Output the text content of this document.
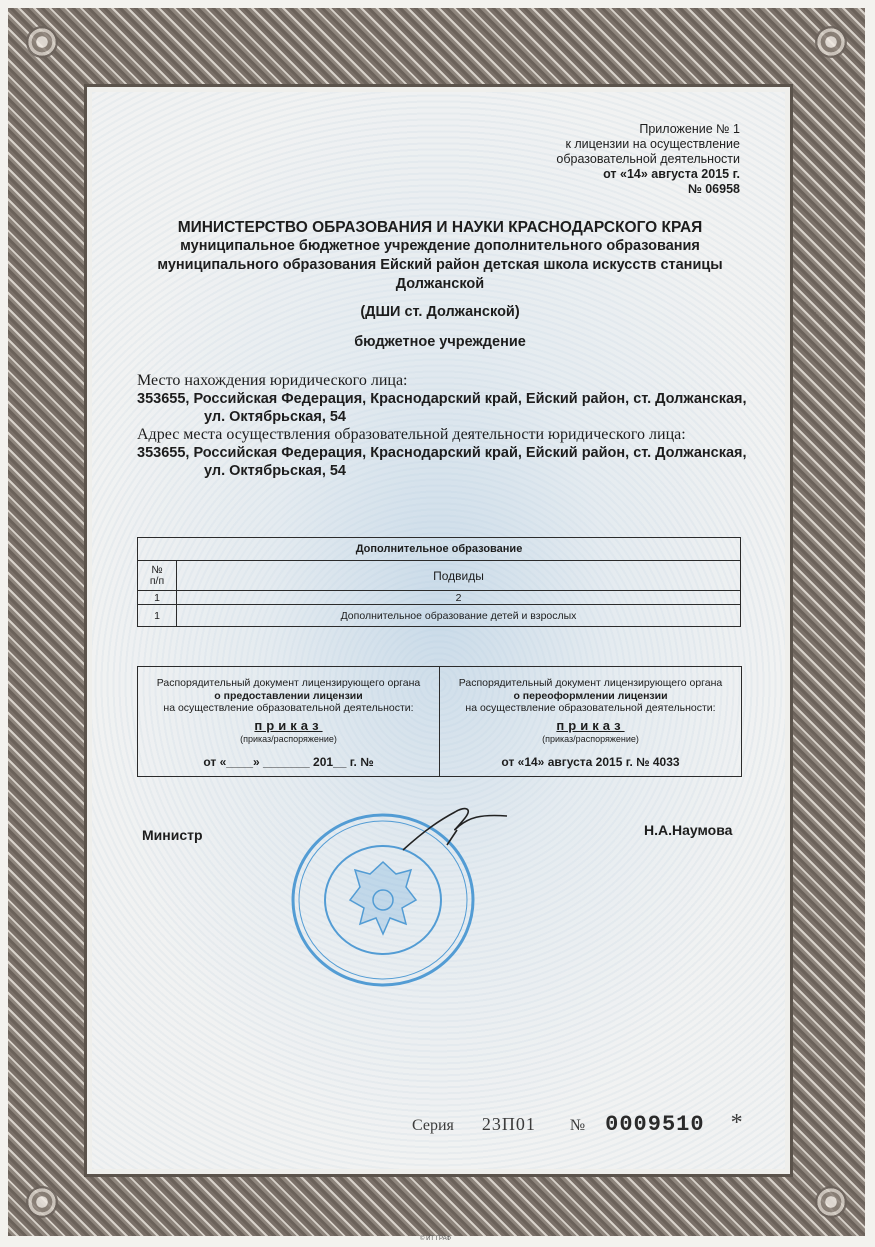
Приложение № 1
к лицензии на осуществление
образовательной деятельности
от «14» августа 2015 г.
№ 06958
МИНИСТЕРСТВО ОБРАЗОВАНИЯ И НАУКИ КРАСНОДАРСКОГО КРАЯ
муниципальное бюджетное учреждение дополнительного образования
муниципального образования Ейский район детская школа искусств станицы
Должанской
(ДШИ ст. Должанской)
бюджетное учреждение
Место нахождения юридического лица:
353655, Российская Федерация, Краснодарский край, Ейский район, ст. Должанская,
ул. Октябрьская, 54
Адрес места осуществления образовательной деятельности юридического лица:
353655, Российская Федерация, Краснодарский край, Ейский район, ст. Должанская,
ул. Октябрьская, 54
Дополнительное образование	
№
п/п	Подвиды
1	2
1	Дополнительное образование детей и взрослых
Распорядительный документ лицензирующего органа
о предоставлении лицензии
на осуществление образовательной деятельности:
приказ
(приказ/распоряжение)
от «____» _______ 201__ г. №
Распорядительный документ лицензирующего органа
о переоформлении лицензии
на осуществление образовательной деятельности:
приказ
(приказ/распоряжение)
от «14» августа 2015 г. № 4033
Министр	Н.А.Наумова
Серия 23П01 № 0009510 *
© ИТ ГРАФ
